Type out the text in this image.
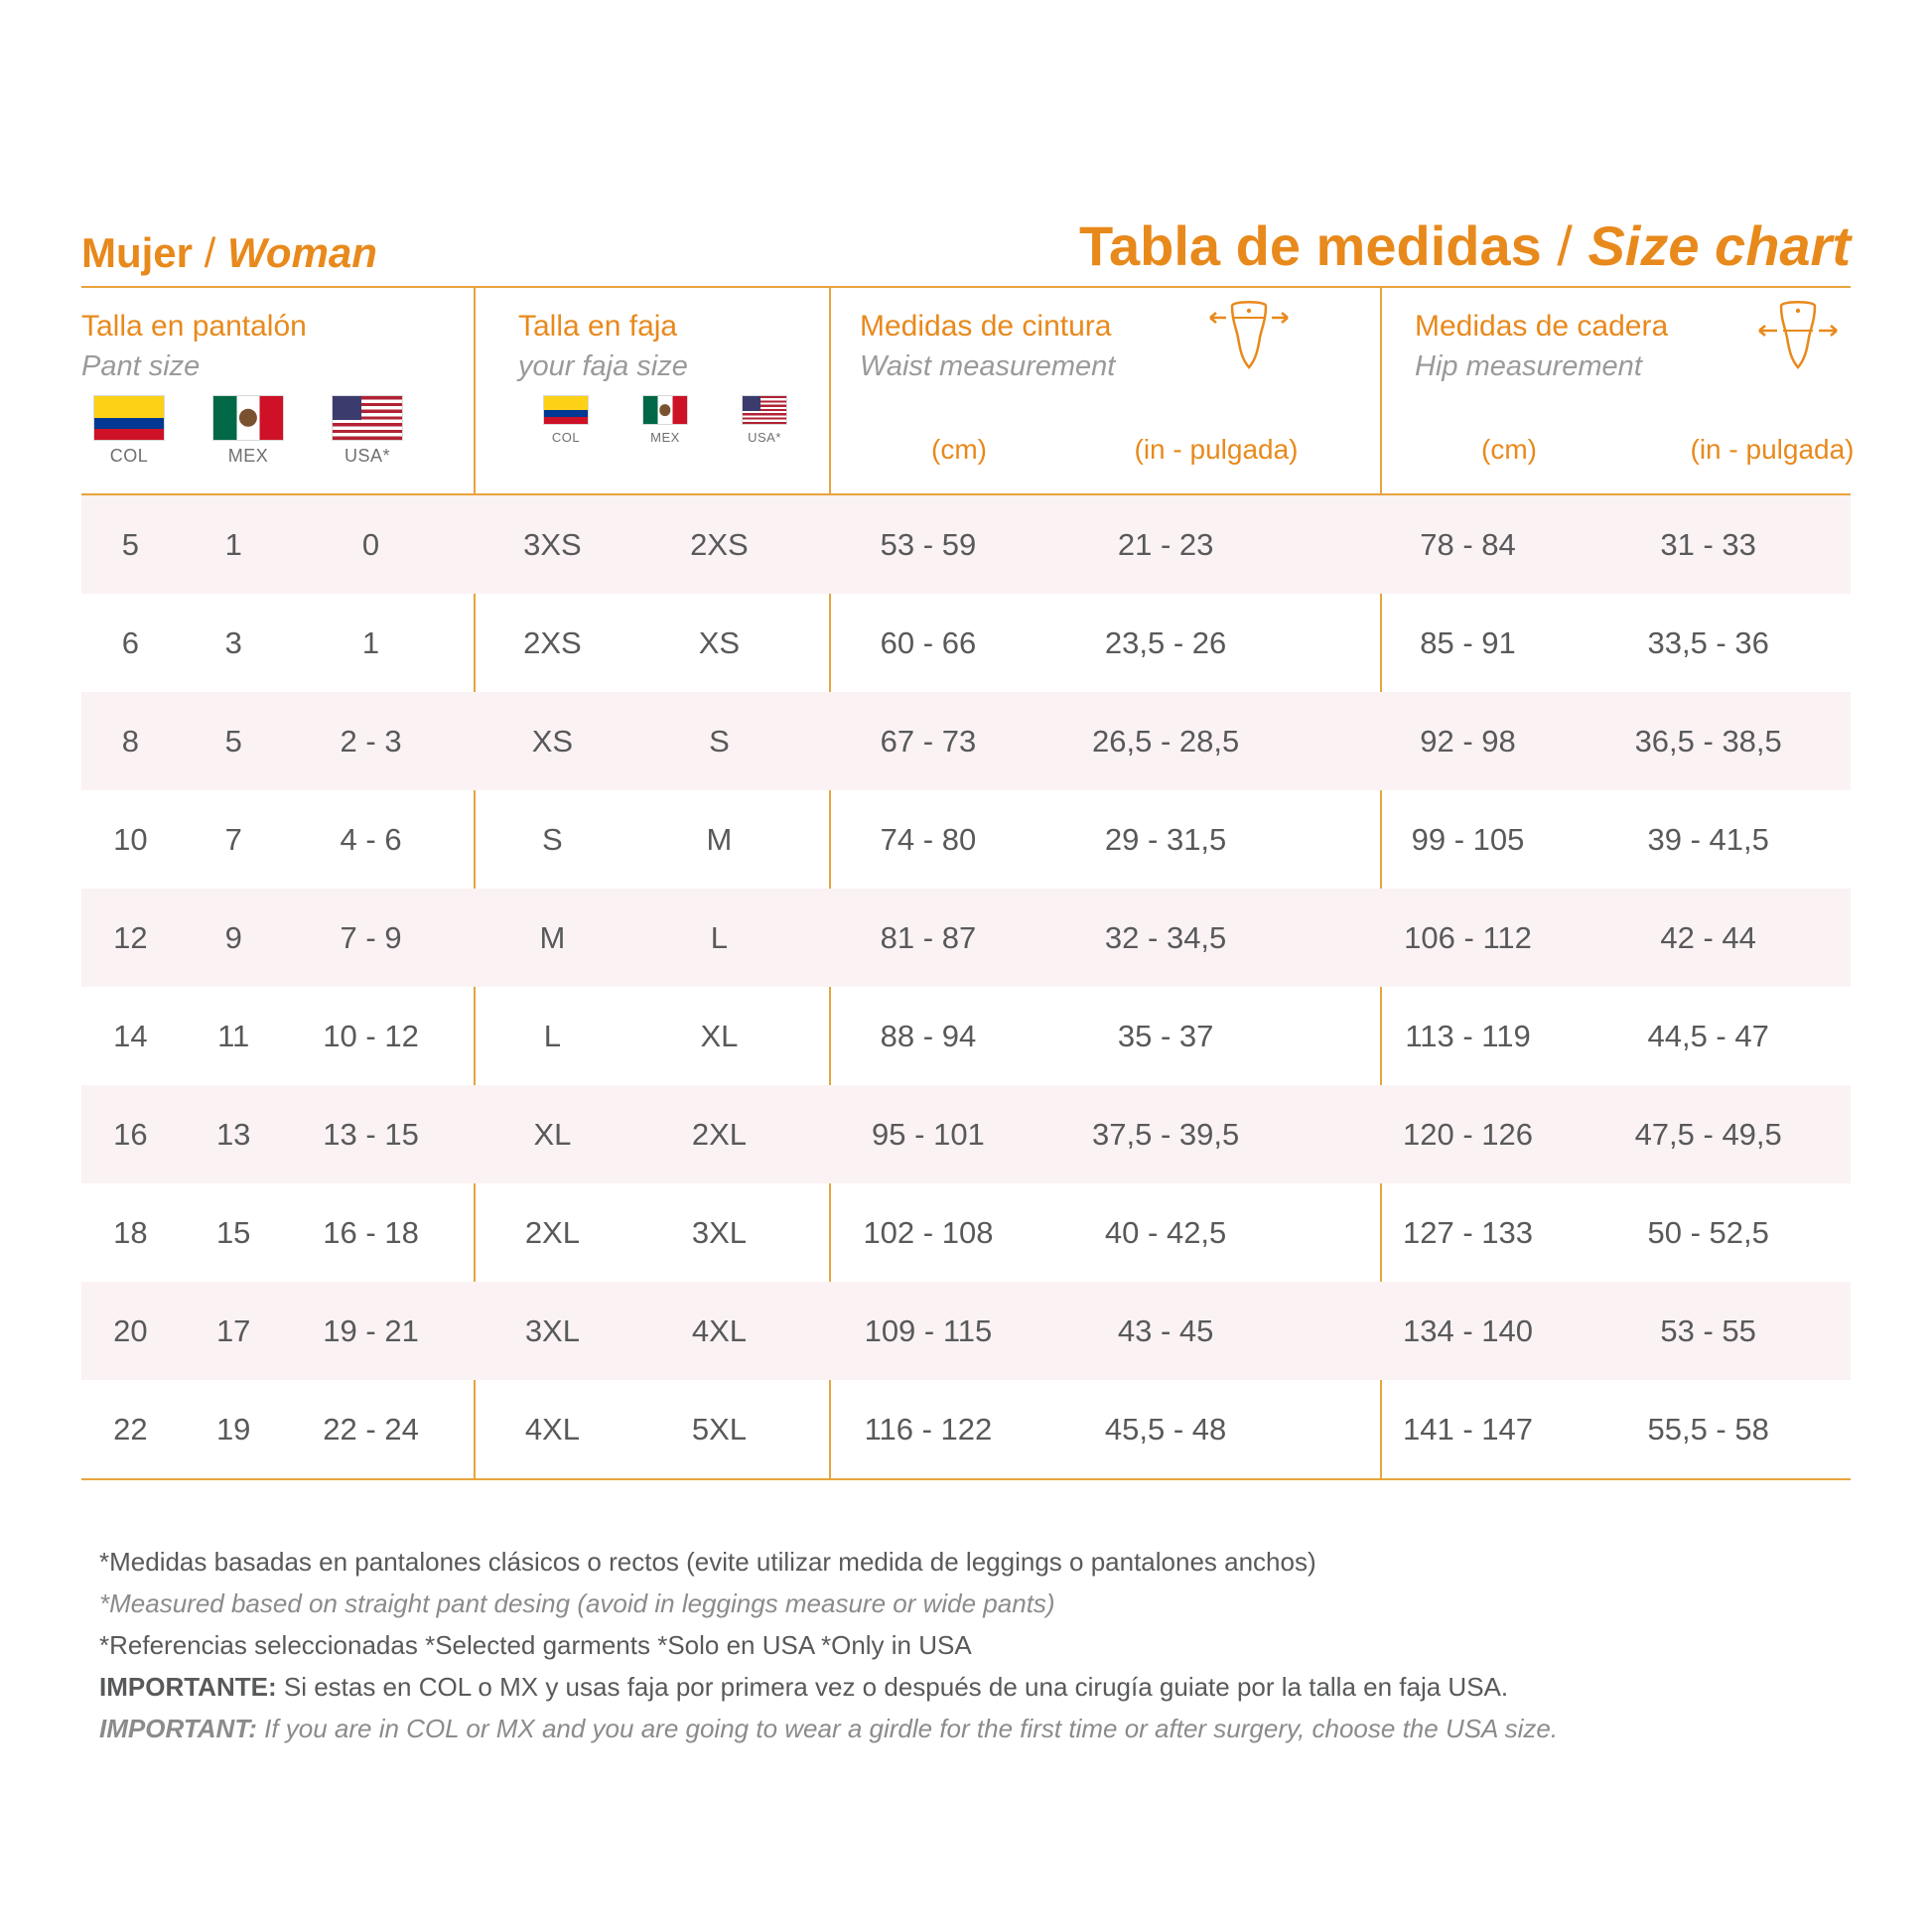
Mujer / Woman	Tabla de medidas / Size chart
Talla en pantalón
Pant size
Talla en faja
your faja size
Medidas de cintura
Waist measurement
Medidas de cadera
Hip measurement
COL	MEX	USA*
COL	MEX	USA*	(cm)	(in - pulgada)	(cm)	(in - pulgada)
5	1	0	3XS	2XS	53 - 59	21 - 23	78 - 84	31 - 33
6	3	1	2XS	XS	60 - 66	23,5 - 26	85 - 91	33,5 - 36
8	5	2 - 3	XS	S	67 - 73	26,5 - 28,5	92 - 98	36,5 - 38,5
10	7	4 - 6	S	M	74 - 80	29 - 31,5	99 - 105	39 - 41,5
12	9	7 - 9	M	L	81 - 87	32 - 34,5	106 - 112	42 - 44
14	11	10 - 12	L	XL	88 - 94	35 - 37	113 - 119	44,5 - 47
16	13	13 - 15	XL	2XL	95 - 101	37,5 - 39,5	120 - 126	47,5 - 49,5
18	15	16 - 18	2XL	3XL	102 - 108	40 - 42,5	127 - 133	50 - 52,5
20	17	19 - 21	3XL	4XL	109 - 115	43 - 45	134 - 140	53 - 55
22	19	22 - 24	4XL	5XL	116 - 122	45,5 - 48	141 - 147	55,5 - 58
*Medidas basadas en pantalones clásicos o rectos (evite utilizar medida de leggings o pantalones anchos)
*Measured based on straight pant desing (avoid in leggings measure or wide pants)
*Referencias seleccionadas *Selected garments *Solo en USA *Only in USA
IMPORTANTE: Si estas en COL o MX y usas faja por primera vez o después de una cirugía guiate por la talla en faja USA.
IMPORTANT: If you are in COL or MX and you are going to wear a girdle for the first time or after surgery, choose the USA size.
